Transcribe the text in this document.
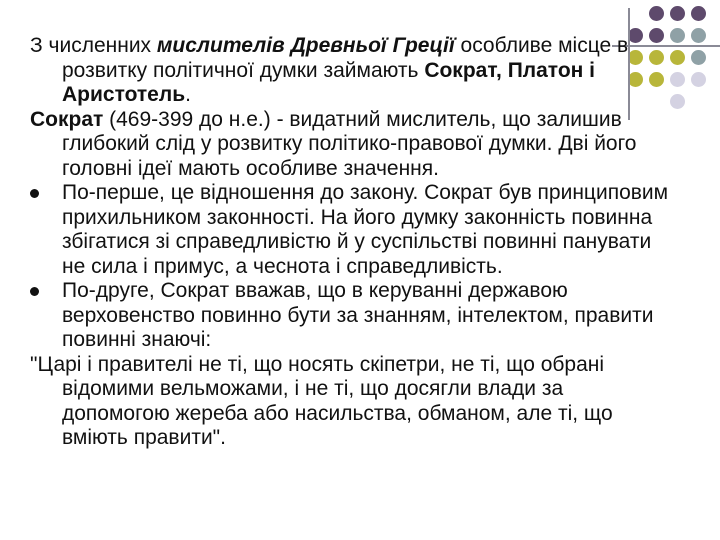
З численних мислителів Древньої Греції особливе місце в розвитку політичної думки займають Сократ, Платон і Аристотель.

Сократ (469-399 до н.е.) - видатний мислитель, що залишив глибокий слід у розвитку політико-правової думки. Дві його головні ідеї мають особливе значення.

По-перше, це відношення до закону. Сократ був принциповим прихильником законності. На його думку законність повинна збігатися зі справедливістю й у суспільстві повинні панувати не сила і примус, а чеснота і справедливість.
По-друге, Сократ вважав, що в керуванні державою верховенство повинно бути за знанням, інтелектом, правити повинні знаючі:

"Царі і правителі не ті, що носять скіпетри, не ті, що обрані відомими вельможами, і не ті, що досягли влади за допомогою жереба або насильства, обманом, але ті, що вміють правити".
